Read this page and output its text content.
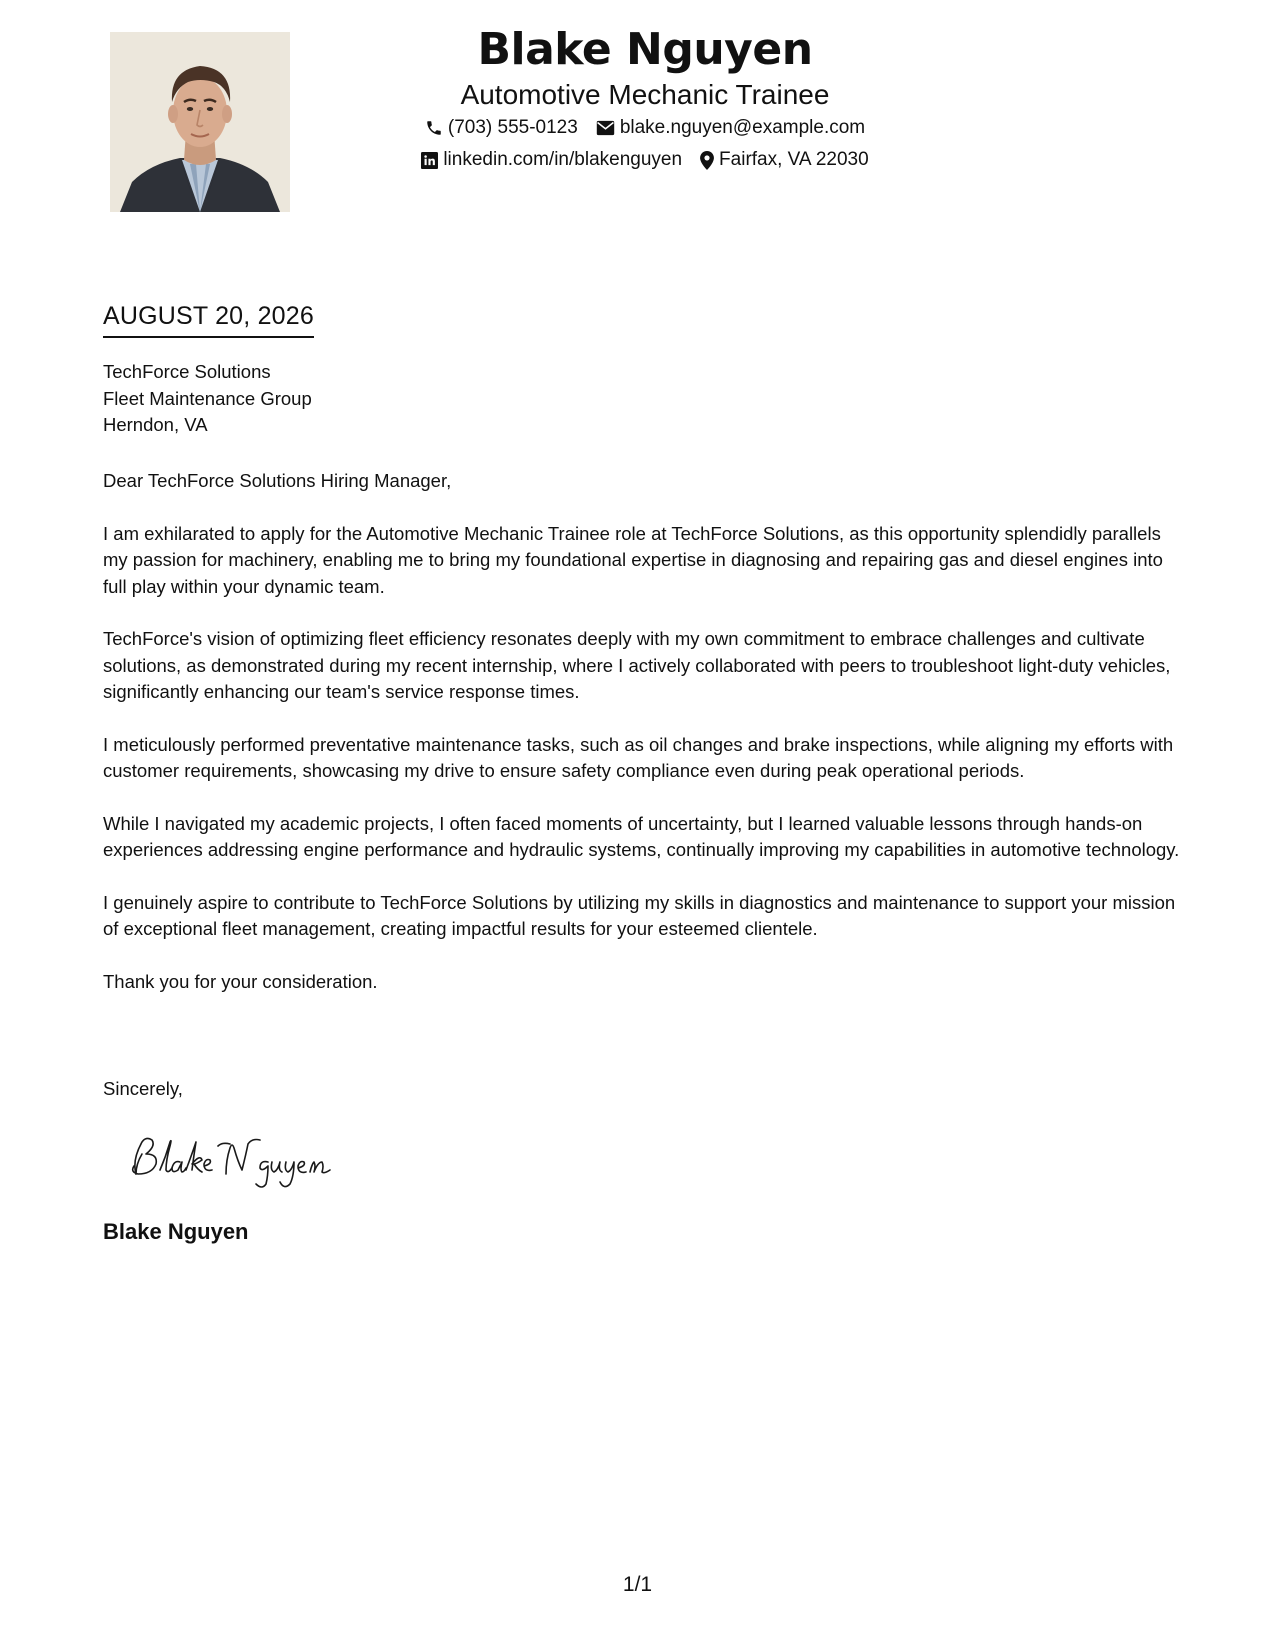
Blake Nguyen
Automotive Mechanic Trainee
(703) 555-0123 blake.nguyen@example.com
linkedin.com/in/blakenguyen Fairfax, VA 22030
AUGUST 20, 2026
TechForce Solutions
Fleet Maintenance Group
Herndon, VA

Dear TechForce Solutions Hiring Manager,

I am exhilarated to apply for the Automotive Mechanic Trainee role at TechForce Solutions, as this opportunity splendidly parallels my passion for machinery, enabling me to bring my foundational expertise in diagnosing and repairing gas and diesel engines into full play within your dynamic team.

TechForce's vision of optimizing fleet efficiency resonates deeply with my own commitment to embrace challenges and cultivate solutions, as demonstrated during my recent internship, where I actively collaborated with peers to troubleshoot light-duty vehicles, significantly enhancing our team's service response times.

I meticulously performed preventative maintenance tasks, such as oil changes and brake inspections, while aligning my efforts with customer requirements, showcasing my drive to ensure safety compliance even during peak operational periods.

While I navigated my academic projects, I often faced moments of uncertainty, but I learned valuable lessons through hands-on experiences addressing engine performance and hydraulic systems, continually improving my capabilities in automotive technology.

I genuinely aspire to contribute to TechForce Solutions by utilizing my skills in diagnostics and maintenance to support your mission of exceptional fleet management, creating impactful results for your esteemed clientele.

Thank you for your consideration.

Sincerely,
Blake Nguyen
1/1
